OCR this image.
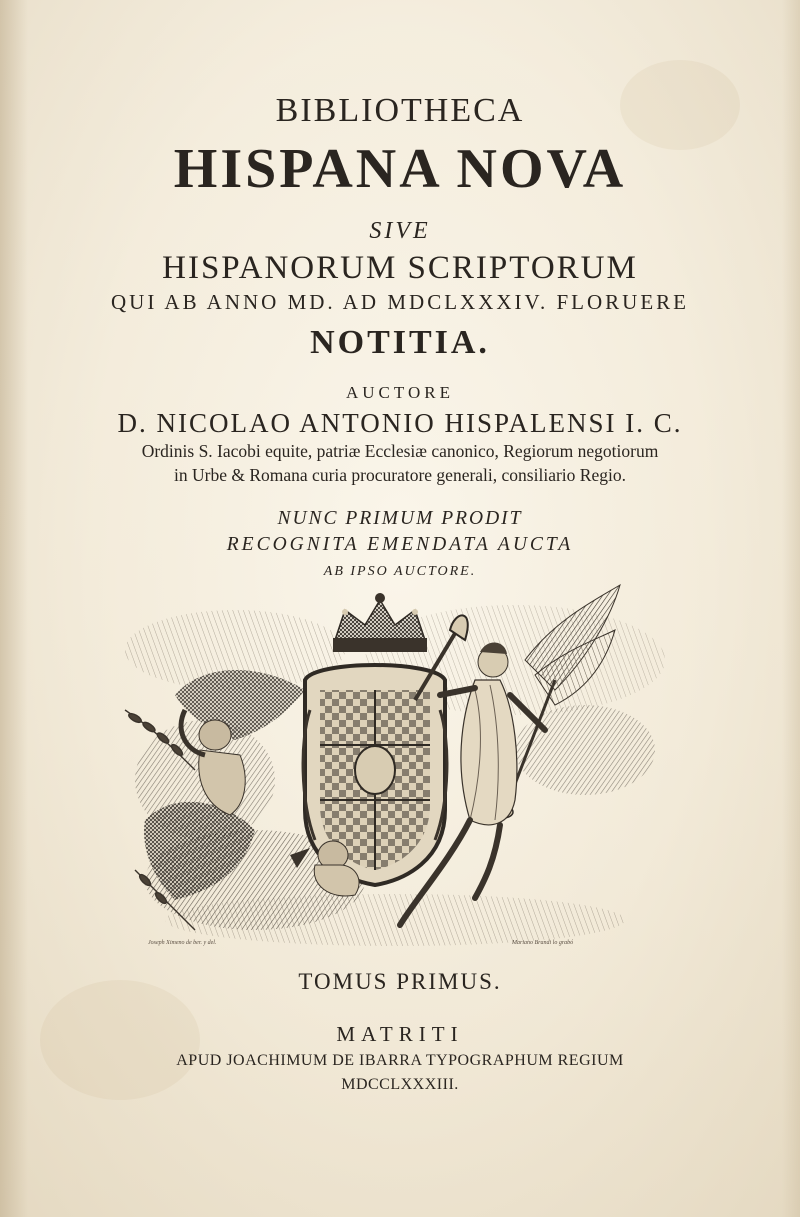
BIBLIOTHECA
HISPANA NOVA
SIVE
HISPANORUM SCRIPTORUM
QUI AB ANNO MD. AD MDCLXXXIV. FLORUERE
NOTITIA.
AUCTORE
D. NICOLAO ANTONIO HISPALENSI I. C.
Ordinis S. Iacobi equite, patriæ Ecclesiæ canonico, Regiorum negotiorum
in Urbe & Romana curia procuratore generali, consiliario Regio.
NUNC PRIMUM PRODIT
RECOGNITA EMENDATA AUCTA
AB IPSO AUCTORE.
Joseph Ximeno de ber. y del.	Mariano Brandi lo grabó
TOMUS PRIMUS.
MATRITI
APUD JOACHIMUM DE IBARRA TYPOGRAPHUM REGIUM
MDCCLXXXIII.
